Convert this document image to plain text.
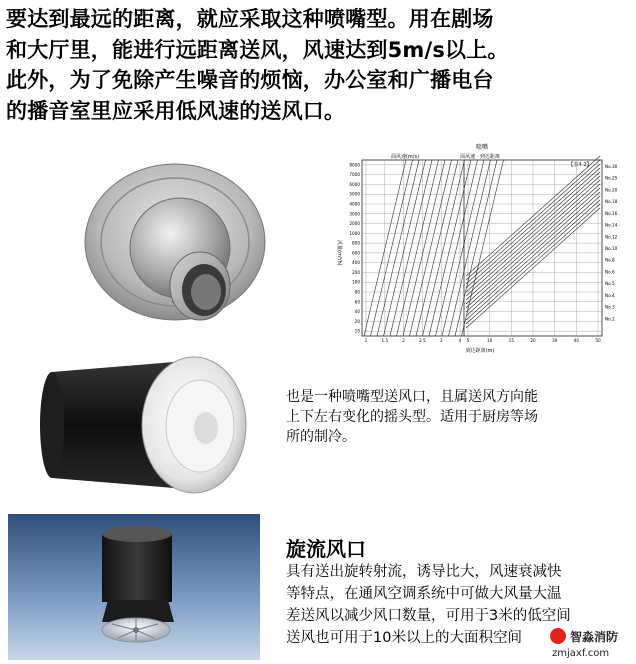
要达到最远的距离，就应采取这种喷嘴型。用在剧场
和大厅里，能进行远距离送风，风速达到5m/s以上。
此外，为了免除产生噪音的烦恼，办公室和广播电台
的播音室里应采用低风速的送风口。
喷嘴
面风速(m/s)	面风速 · 到达距离
【表4-2】
风量(m³/h)
到达距离(m)
8000
7000
6000
5000
4000
3000
2000
1000
800
600
400
200
100
80
60
40
20
10
1	1.5	2	2.5	3	4 5	10	15	20	30	40	50
No.30
No.25
No.20
No.18
No.16
No.14
No.12
No.10
No.8
No.6
No.5
No.4
No.3
No.2
也是一种喷嘴型送风口，且属送风方向能
上下左右变化的摇头型。适用于厨房等场
所的制冷。
旋流风口
具有送出旋转射流，诱导比大，风速衰减快
等特点，在通风空调系统中可做大风量大温
差送风以减少风口数量，可用于3米的低空间
送风也可用于10米以上的大面积空间	智淼消防
zmjaxf.com
